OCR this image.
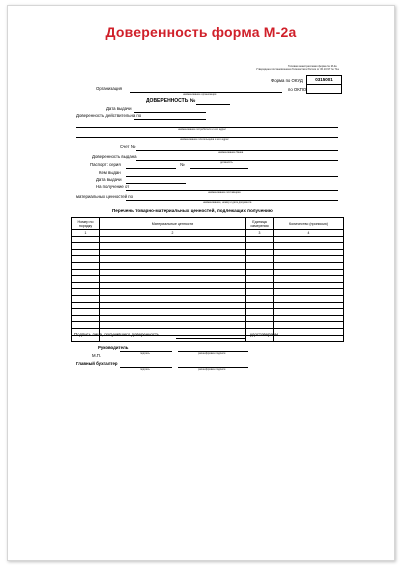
Доверенность форма М-2а
Типовая межотраслевая форма № М-2а
Утверждена постановлением Госкомстата России от 30.10.97 № 71а
Форма по ОКУД	0315001
по ОКПО
Организация
наименование организации
ДОВЕРЕННОСТЬ №
Дата выдачи
Доверенность действительна по
наименование потребителя и его адрес
наименование плательщика и его адрес
Счет №
наименование банка
Доверенность выдана
должность
Паспорт: серия	№
Кем выдан
Дата выдачи
На получение от
наименование поставщика
материальных ценностей по
наименование, номер и дата документа
Перечень товарно-материальных ценностей, подлежащих получению
Номер по порядку	Материальные ценности	Единица измерения	Количество (прописью)
1	2	3	4

Подпись лица, получившего доверенность	удостоверяем
Руководитель
подпись	расшифровка подписи
М.П.
Главный бухгалтер
подпись	расшифровка подписи
